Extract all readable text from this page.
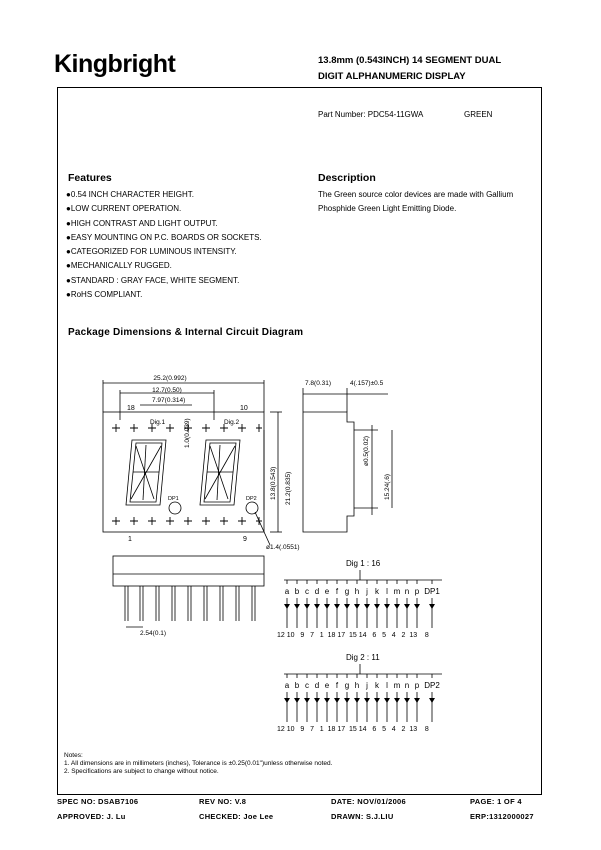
Kingbright	13.8mm (0.543INCH) 14 SEGMENT DUAL
DIGIT ALPHANUMERIC DISPLAY
Part Number: PDC54-11GWA	GREEN
Features
●0.54 INCH CHARACTER HEIGHT.
●LOW CURRENT OPERATION.
●HIGH CONTRAST AND LIGHT OUTPUT.
●EASY MOUNTING ON P.C. BOARDS OR SOCKETS.
●CATEGORIZED FOR LUMINOUS INTENSITY.
●MECHANICALLY RUGGED.
●STANDARD : GRAY FACE, WHITE SEGMENT.
●RoHS COMPLIANT.
Description
The Green source color devices are made with Gallium
Phosphide Green Light Emitting Diode.
Package Dimensions & Internal Circuit Diagram
25.2(0.992)
12.7(0.50)
7.97(0.314)
18	10
Dig.1	Dig.2
DP1	DP2
1	9
ø1.4(.0551)
2.54(0.1)
7.8(0.31)	4(.157)±0.5
1.0(0.039)
13.8(0.543) 21.2(0.835)
ø0.5(0.02)
15.24(.6)
Dig 1 : 16
Dig 2 : 11
12 10   9   7   1  18 17  15 14   6   5   4   2  13    8
12 10   9   7   1  18 17  15 14   6   5   4   2  13    8
a b c d e f g h j k l m n p DP1
a b c d e f g h j k l m n p DP2
Notes:
1. All dimensions are in millimeters (inches), Tolerance is ±0.25(0.01")unless otherwise noted.
2. Specifications are subject to change without notice.
SPEC NO: DSAB7106	REV NO: V.8	DATE: NOV/01/2006	PAGE: 1 OF 4
APPROVED: J. Lu	CHECKED: Joe Lee	DRAWN: S.J.LIU	ERP:1312000027
